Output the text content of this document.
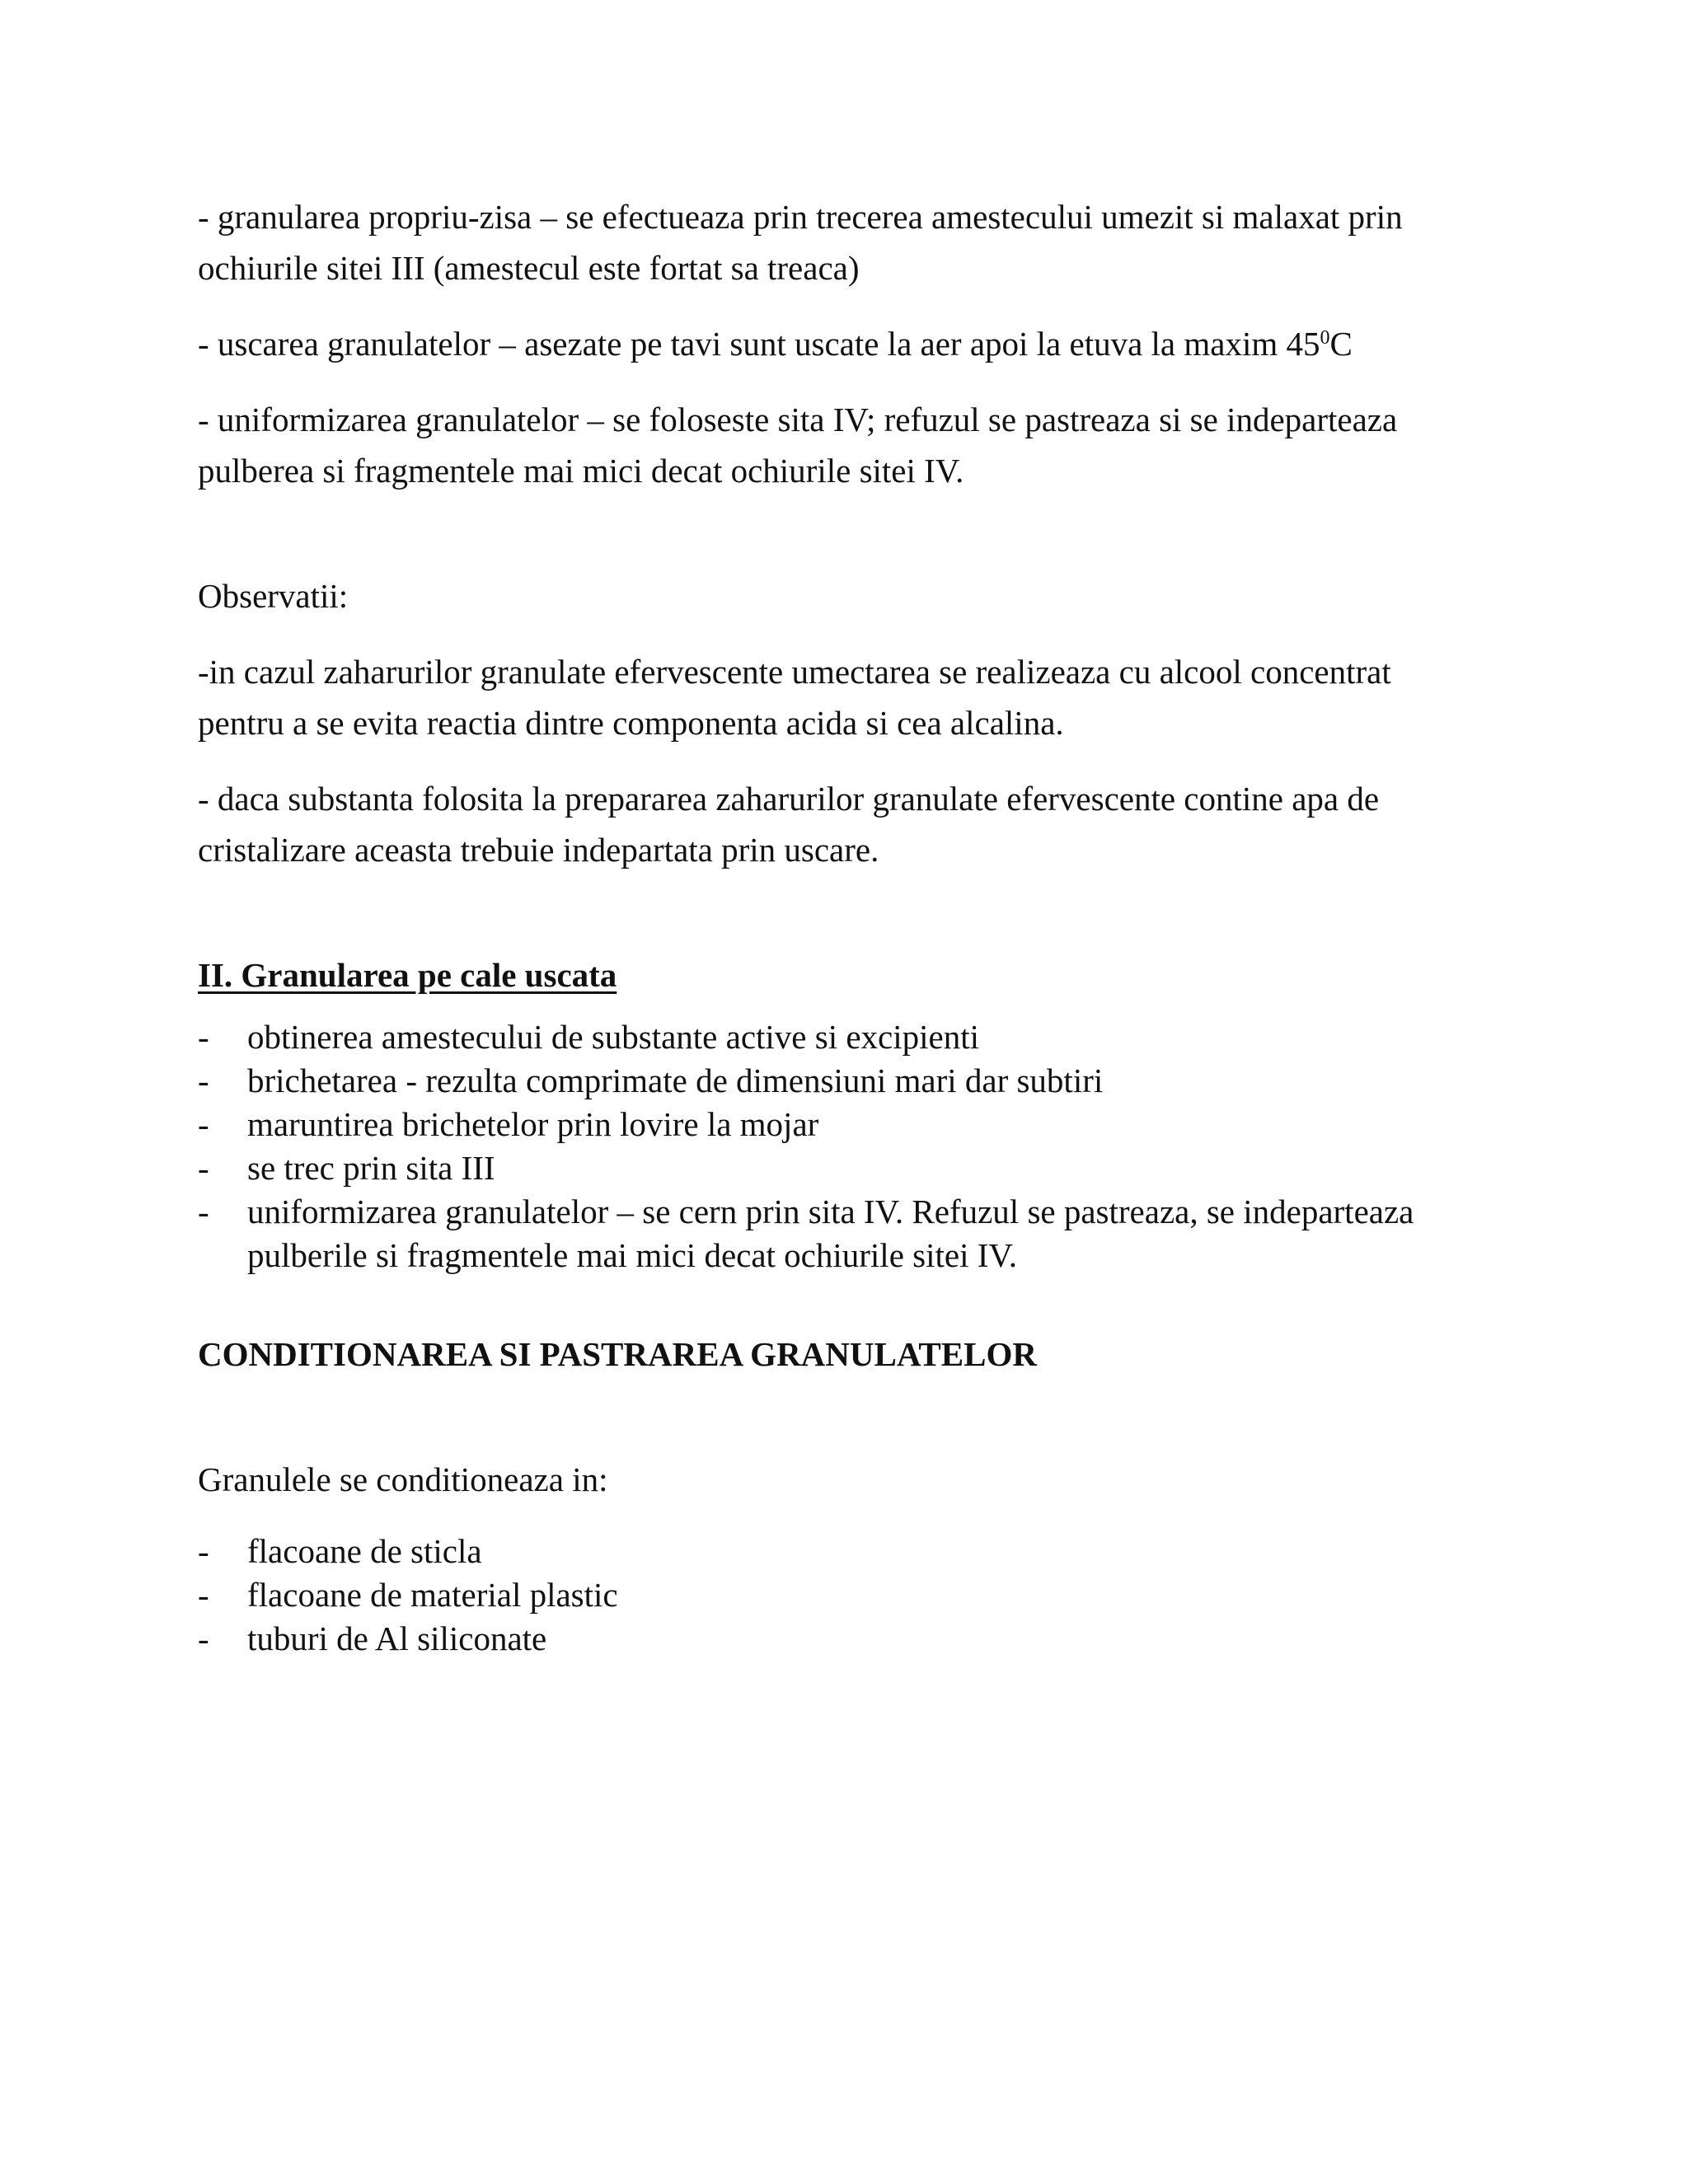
- granularea propriu-zisa – se efectueaza prin trecerea amestecului umezit si malaxat prin ochiurile sitei III (amestecul este fortat sa treaca)

- uscarea granulatelor – asezate pe tavi sunt uscate la aer apoi la etuva la maxim $45^0C$

- uniformizarea granulatelor – se foloseste sita IV; refuzul se pastreaza si se indeparteaza pulberea si fragmentele mai mici decat ochiurile sitei IV.

Observatii:

-in cazul zaharurilor granulate efervescente umectarea se realizeaza cu alcool concentrat pentru a se evita reactia dintre componenta acida si cea alcalina.

- daca substanta folosita la prepararea zaharurilor granulate efervescente contine apa de cristalizare aceasta trebuie indepartata prin uscare.

II. Granularea pe cale uscata

- obtinerea amestecului de substante active si excipienti
- brichetarea - rezulta comprimate de dimensiuni mari dar subtiri
- maruntirea brichetelor prin lovire la mojar
- se trec prin sita III
- uniformizarea granulatelor – se cern prin sita IV. Refuzul se pastreaza, se indeparteaza pulberile si fragmentele mai mici decat ochiurile sitei IV.

CONDITIONAREA SI PASTRAREA GRANULATELOR

Granulele se conditioneaza in:

- flacoane de sticla
- flacoane de material plastic
- tuburi de Al siliconate
